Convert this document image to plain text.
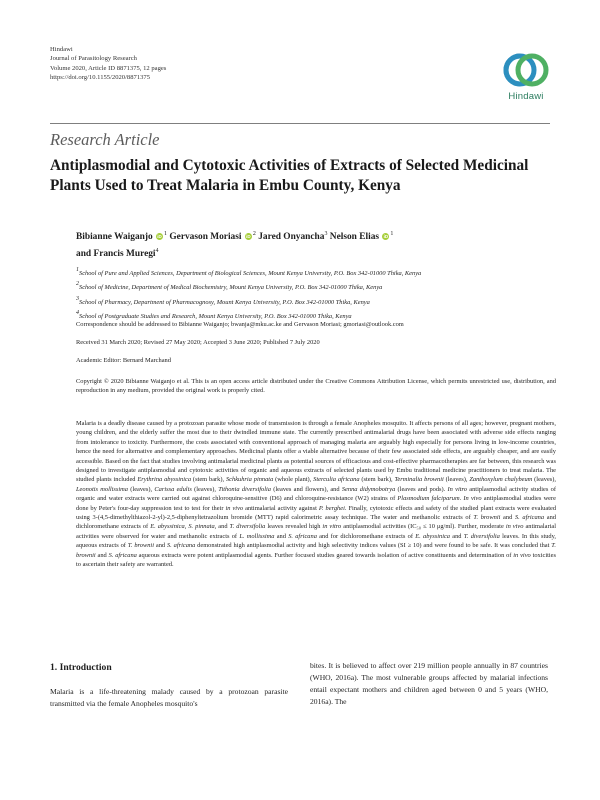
Hindawi
Journal of Parasitology Research
Volume 2020, Article ID 8871375, 12 pages
https://doi.org/10.1155/2020/8871375
Hindawi
Research Article
Antiplasmodial and Cytotoxic Activities of Extracts of Selected Medicinal Plants Used to Treat Malaria in Embu County, Kenya
Bibianne Waiganjo iD $^1$ Gervason Moriasi iD $^2$ Jared Onyancha$^3$ Nelson Elias iD $^1$
and Francis Muregi$^4$
1School of Pure and Applied Sciences, Department of Biological Sciences, Mount Kenya University, P.O. Box 342-01000 Thika, Kenya
2School of Medicine, Department of Medical Biochemistry, Mount Kenya University, P.O. Box 342-01000 Thika, Kenya
3School of Pharmacy, Department of Pharmacognosy, Mount Kenya University, P.O. Box 342-01000 Thika, Kenya
4School of Postgraduate Studies and Research, Mount Kenya University, P.O. Box 342-01000 Thika, Kenya
Correspondence should be addressed to Bibianne Waiganjo; bwanja@mku.ac.ke and Gervason Moriasi; gmoriasi@outlook.com
Received 31 March 2020; Revised 27 May 2020; Accepted 3 June 2020; Published 7 July 2020
Academic Editor: Bernard Marchand
Copyright © 2020 Bibianne Waiganjo et al. This is an open access article distributed under the Creative Commons Attribution License, which permits unrestricted use, distribution, and reproduction in any medium, provided the original work is properly cited.
Malaria is a deadly disease caused by a protozoan parasite whose mode of transmission is through a female Anopheles mosquito. It affects persons of all ages; however, pregnant mothers, young children, and the elderly suffer the most due to their dwindled immune state. The currently prescribed antimalarial drugs have been associated with adverse side effects ranging from intolerance to toxicity. Furthermore, the costs associated with conventional approach of managing malaria are arguably high especially for persons living in low-income countries, hence the need for alternative and complementary approaches. Medicinal plants offer a viable alternative because of their few associated side effects, are arguably cheaper, and are easily accessible. Based on the fact that studies involving antimalarial medicinal plants as potential sources of efficacious and cost-effective pharmacotherapies are far between, this research was designed to investigate antiplasmodial and cytotoxic activities of organic and aqueous extracts of selected plants used by Embu traditional medicine practitioners to treat malaria. The studied plants included Erythrina abyssinica (stem bark), Schkuhria pinnata (whole plant), Sterculia africana (stem bark), Terminalia brownii (leaves), Zanthoxylum chalybeum (leaves), Leonotis mollissima (leaves), Carissa edulis (leaves), Tithonia diversifolia (leaves and flowers), and Senna didymobotrya (leaves and pods). In vitro antiplasmodial activity studies of organic and water extracts were carried out against chloroquine-sensitive (D6) and chloroquine-resistance (W2) strains of Plasmodium falciparum. In vivo antiplasmodial studies were done by Peter's four-day suppression test to test for their in vivo antimalarial activity against P. berghei. Finally, cytotoxic effects and safety of the studied plant extracts were evaluated using 3-(4,5-dimethylthiazol-2-yl)-2,5-diphenyltetrazolium bromide (MTT) rapid calorimetric assay technique. The water and methanolic extracts of T. brownii and S. africana and dichloromethane extracts of E. abyssinica, S. pinnata, and T. diversifolia leaves revealed high in vitro antiplasmodial activities (IC₅₀ ≤ 10 μg/ml). Further, moderate in vivo antimalarial activities were observed for water and methanolic extracts of L. mollissima and S. africana and for dichloromethane extracts of E. abyssinica and T. diversifolia leaves. In this study, aqueous extracts of T. brownii and S. africana demonstrated high antiplasmodial activity and high selectivity indices values (SI ≥ 10) and were found to be safe. It was concluded that T. brownii and S. africana aqueous extracts were potent antiplasmodial agents. Further focused studies geared towards isolation of active constituents and determination of in vivo toxicities to ascertain their safety are warranted.
1. Introduction
Malaria is a life-threatening malady caused by a protozoan parasite transmitted via the female Anopheles mosquito's
bites. It is believed to affect over 219 million people annually in 87 countries (WHO, 2016a). The most vulnerable groups affected by malarial infections entail expectant mothers and children aged between 0 and 5 years (WHO, 2016a). The
